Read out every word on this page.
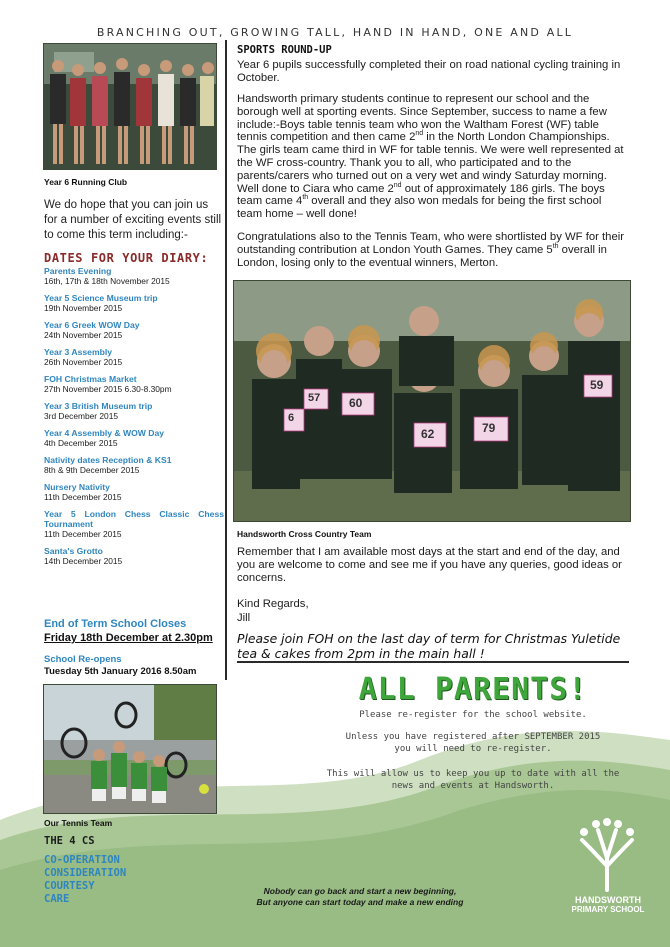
BRANCHING OUT, GROWING TALL, HAND IN HAND, ONE AND ALL
Year 6 Running Club
We do hope that you can join us for a number of exciting events still to come this term including:-
DATES FOR YOUR DIARY:
Parents Evening
16th, 17th & 18th November 2015
Year 5 Science Museum trip
19th November 2015
Year 6 Greek WOW Day
24th November 2015
Year 3 Assembly
26th November 2015
FOH Christmas Market
27th November 2015 6.30-8.30pm
Year 3 British Museum trip
3rd December 2015
Year 4 Assembly & WOW Day
4th December 2015
Nativity dates Reception & KS1
8th & 9th December 2015
Nursery Nativity
11th December 2015
Year 5 London Chess Classic Chess Tournament
11th December 2015
Santa's Grotto
14th December 2015
End of Term School Closes
Friday 18th December at 2.30pm
School Re-opens
Tuesday 5th January 2016 8.50am
Our Tennis Team
SPORTS ROUND-UP
Year 6 pupils successfully completed their on road national cycling training in October.
Handsworth primary students continue to represent our school and the borough well at sporting events. Since September, success to name a few include:-Boys table tennis team who won the Waltham Forest (WF) table tennis competition and then came 2nd in the North London Championships. The girls team came third in WF for table tennis. We were well represented at the WF cross-country. Thank you to all, who participated and to the parents/carers who turned out on a very wet and windy Saturday morning. Well done to Ciara who came 2nd out of approximately 186 girls. The boys team came 4th overall and they also won medals for being the first school team home – well done!
Congratulations also to the Tennis Team, who were shortlisted by WF for their outstanding contribution at London Youth Games. They came 5th overall in London, losing only to the eventual winners, Merton.
6
57 60
62	79
59
Handsworth Cross Country Team
Remember that I am available most days at the start and end of the day, and you are welcome to come and see me if you have any queries, good ideas or concerns.
Kind Regards,
Jill
Please join FOH on the last day of term for Christmas Yuletide tea & cakes from 2pm in the main hall !
ALL PARENTS!
Please re-register for the school website.
Unless you have registered after SEPTEMBER 2015
you will need to re-register.
This will allow us to keep you up to date with all the
news and events at Handsworth.
THE 4 CS
CO-OPERATION
CONSIDERATION
COURTESY
CARE
Nobody can go back and start a new beginning,
But anyone can start today and make a new ending	HANDSWORTH
PRIMARY SCHOOL
